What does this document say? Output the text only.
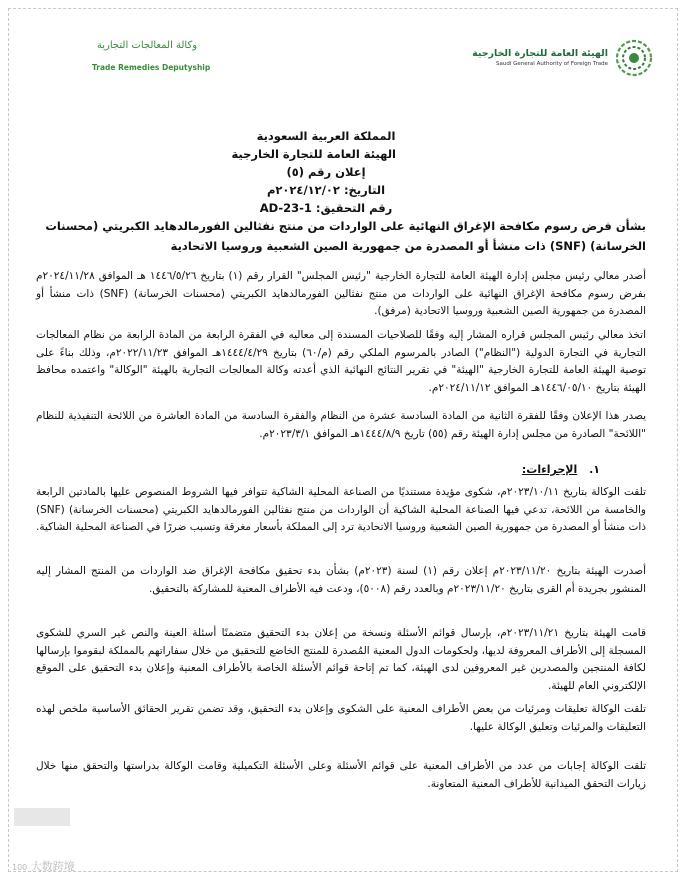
وكالة المعالجات التجارية
Trade Remedies Deputyship
الهيئة العامة للتجارة الخارجية
Saudi General Authority of Foreign Trade
المملكة العربية السعودية
الهيئة العامة للتجارة الخارجية
إعلان رقم (٥)
التاريخ: ٢٠٢٤/١٢/٠٢م
رقم التحقيق: AD-23-1
بشأن فرض رسوم مكافحة الإغراق النهائية على الواردات من منتج نفثالين الفورمالدهايد الكبريتي (محسنات الخرسانة) (SNF) ذات منشأ أو المصدرة من جمهورية الصين الشعبية وروسيا الاتحادية
أصدر معالي رئيس مجلس إدارة الهيئة العامة للتجارة الخارجية "رئيس المجلس" القرار رقم (١) بتاريخ ١٤٤٦/٥/٢٦ هـ الموافق ٢٠٢٤/١١/٢٨م بفرض رسوم مكافحة الإغراق النهائية على الواردات من منتج نفثالين الفورمالدهايد الكبريتي (محسنات الخرسانة) (SNF) ذات منشأ أو المصدرة من جمهورية الصين الشعبية وروسيا الاتحادية (مرفق).
اتخذ معالي رئيس المجلس قراره المشار إليه وفقًا للصلاحيات المسندة إلى معاليه في الفقرة الرابعة من المادة الرابعة من نظام المعالجات التجارية في التجارة الدولية ("النظام") الصادر بالمرسوم الملكي رقم (م/٦٠) بتاريخ ١٤٤٤/٤/٢٩هـ الموافق ٢٠٢٢/١١/٢٣م، وذلك بناءً على توصية الهيئة العامة للتجارة الخارجية "الهيئة" في تقرير النتائج النهائية الذي أعدته وكالة المعالجات التجارية بالهيئة "الوكالة" واعتمده محافظ الهيئة بتاريخ ١٤٤٦/٠٥/١٠هـ الموافق ٢٠٢٤/١١/١٢م.
يصدر هذا الإعلان وفقًا للفقرة الثانية من المادة السادسة عشرة من النظام والفقرة السادسة من المادة العاشرة من اللائحة التنفيذية للنظام "اللائحة" الصادرة من مجلس إدارة الهيئة رقم (٥٥) تاريخ ١٤٤٤/٨/٩هـ الموافق ٢٠٢٣/٣/١م.
١. الإجراءات:
تلقت الوكالة بتاريخ ٢٠٢٣/١٠/١١م، شكوى مؤيدة مستنديًا من الصناعة المحلية الشاكية تتوافر فيها الشروط المنصوص عليها بالمادتين الرابعة والخامسة من اللائحة، تدعي فيها الصناعة المحلية الشاكية أن الواردات من منتج نفثالين الفورمالدهايد الكبريتي (محسنات الخرسانة) (SNF) ذات منشأ أو المصدرة من جمهورية الصين الشعبية وروسيا الاتحادية ترد إلى المملكة بأسعار مغرقة وتسبب ضررًا في الصناعة المحلية الشاكية.
أصدرت الهيئة بتاريخ ٢٠٢٣/١١/٢٠م إعلان رقم (١) لسنة (٢٠٢٣م) بشأن بدء تحقيق مكافحة الإغراق ضد الواردات من المنتج المشار إليه المنشور بجريدة أم القرى بتاريخ ٢٠٢٣/١١/٢٠م وبالعدد رقم (٥٠٠٨)، ودعت فيه الأطراف المعنية للمشاركة بالتحقيق.
قامت الهيئة بتاريخ ٢٠٢٣/١١/٢١م، بإرسال قوائم الأسئلة ونسخة من إعلان بدء التحقيق متضمنًا أسئلة العينة والنص غير السري للشكوى المسجلة إلى الأطراف المعروفة لديها، ولحكومات الدول المعنية المُصدرة للمنتج الخاضع للتحقيق من خلال سفاراتهم بالمملكة لبقوموا بإرسالها لكافة المنتجين والمصدرين غير المعروفين لدى الهيئة، كما تم إتاحة قوائم الأسئلة الخاصة بالأطراف المعنية وإعلان بدء التحقيق على الموقع الإلكتروني العام للهيئة.
تلقت الوكالة تعليقات ومرئيات من بعض الأطراف المعنية على الشكوى وإعلان بدء التحقيق، وقد تضمن تقرير الحقائق الأساسية ملخص لهذه التعليقات والمرئيات وتعليق الوكالة عليها.
تلقت الوكالة إجابات من عدد من الأطراف المعنية على قوائم الأسئلة وعلى الأسئلة التكميلية وقامت الوكالة بدراستها والتحقق منها خلال زيارات التحقق الميدانية للأطراف المعنية المتعاونة.
100 大数跨境
